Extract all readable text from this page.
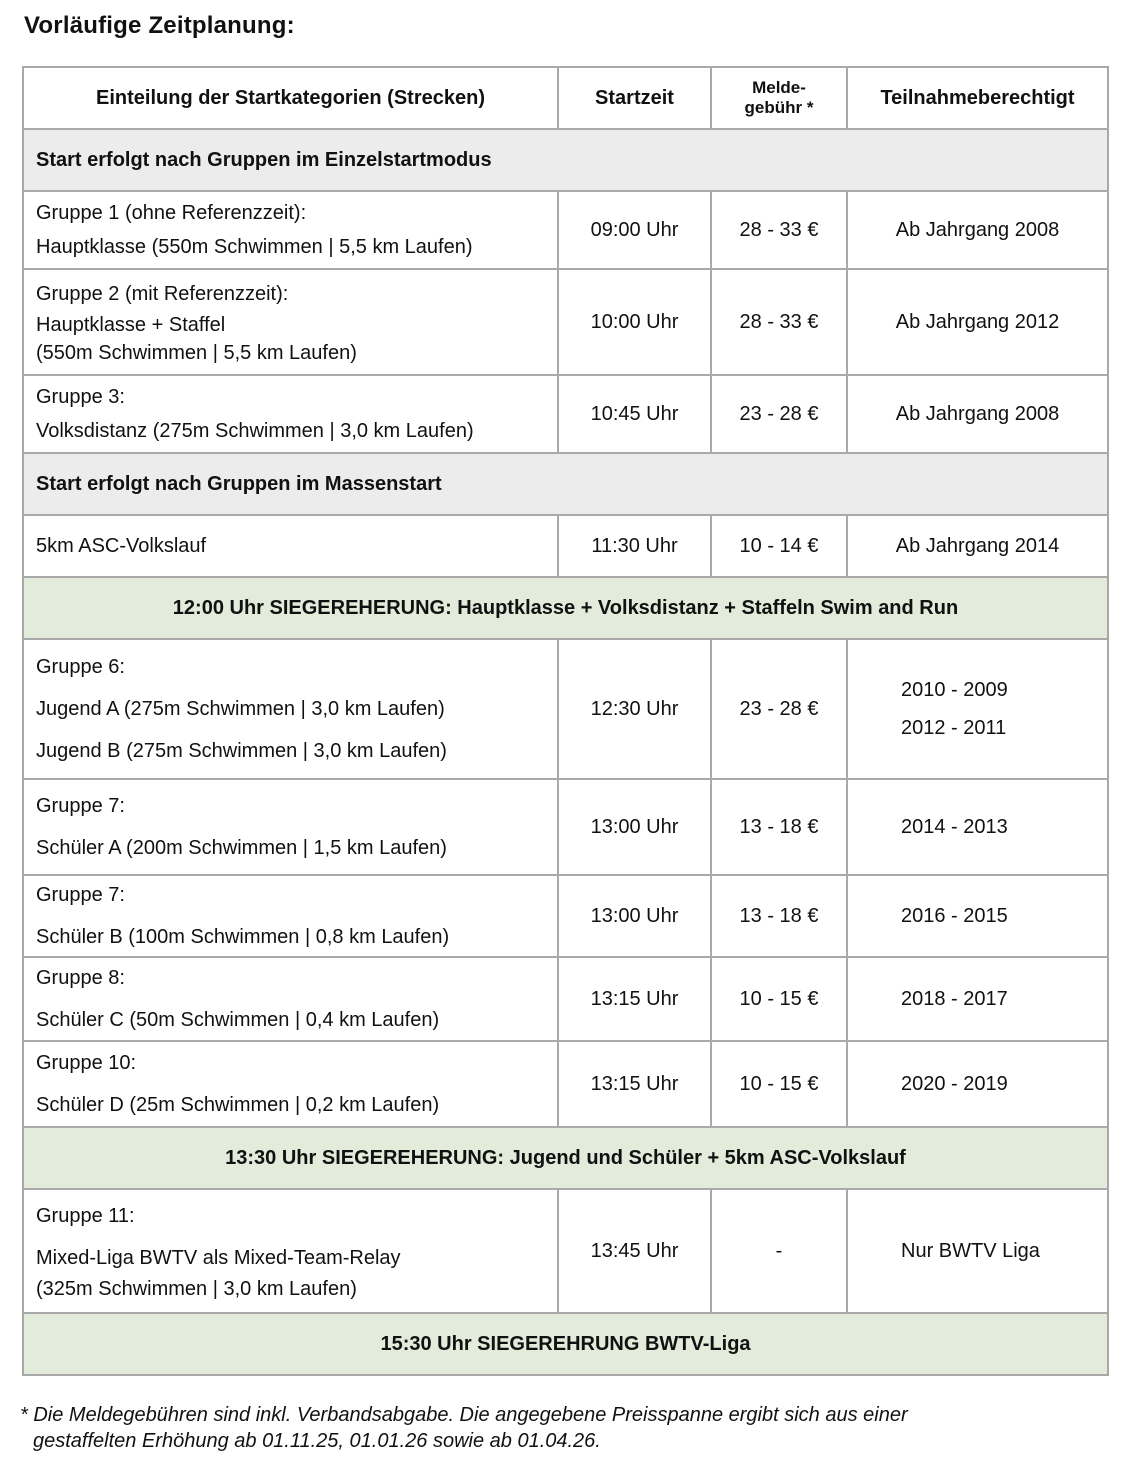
Vorläufige Zeitplanung:
Einteilung der Startkategorien (Strecken)	Startzeit	Melde-
gebühr *	Teilnahmeberechtigt
Start erfolgt nach Gruppen im Einzelstartmodus			

Gruppe 1 (ohne Referenzzeit):
Hauptklasse (550m Schwimmen | 5,5 km Laufen)	09:00 Uhr	28 - 33 €	Ab Jahrgang 2008

Gruppe 2 (mit Referenzzeit):
Hauptklasse + Staffel
(550m Schwimmen | 5,5 km Laufen)	10:00 Uhr	28 - 33 €	Ab Jahrgang 2012

Gruppe 3:
Volksdistanz (275m Schwimmen | 3,0 km Laufen)	10:45 Uhr	23 - 28 €	Ab Jahrgang 2008
Start erfolgt nach Gruppen im Massenstart			

5km ASC-Volkslauf	11:30 Uhr	10 - 14 €	Ab Jahrgang 2014
12:00 Uhr SIEGEREHERUNG: Hauptklasse + Volksdistanz + Staffeln Swim and Run			

Gruppe 6:
Jugend A (275m Schwimmen | 3,0 km Laufen)
Jugend B (275m Schwimmen | 3,0 km Laufen)	12:30 Uhr	23 - 28 €	2010 - 2009
2012 - 2011

Gruppe 7:
Schüler A (200m Schwimmen | 1,5 km Laufen)	13:00 Uhr	13 - 18 €	2014 - 2013

Gruppe 7:
Schüler B (100m Schwimmen | 0,8 km Laufen)	13:00 Uhr	13 - 18 €	2016 - 2015

Gruppe 8:
Schüler C (50m Schwimmen | 0,4 km Laufen)	13:15 Uhr	10 - 15 €	2018 - 2017

Gruppe 10:
Schüler D (25m Schwimmen | 0,2 km Laufen)	13:15 Uhr	10 - 15 €	2020 - 2019
13:30 Uhr SIEGEREHERUNG: Jugend und Schüler + 5km ASC-Volkslauf			

Gruppe 11:
Mixed-Liga BWTV als Mixed-Team-Relay
(325m Schwimmen | 3,0 km Laufen)	13:45 Uhr	-	Nur BWTV Liga
15:30 Uhr SIEGEREHRUNG BWTV-Liga			
* Die Meldegebühren sind inkl. Verbandsabgabe. Die angegebene Preisspanne ergibt sich aus einer
gestaffelten Erhöhung ab 01.11.25, 01.01.26 sowie ab 01.04.26.
